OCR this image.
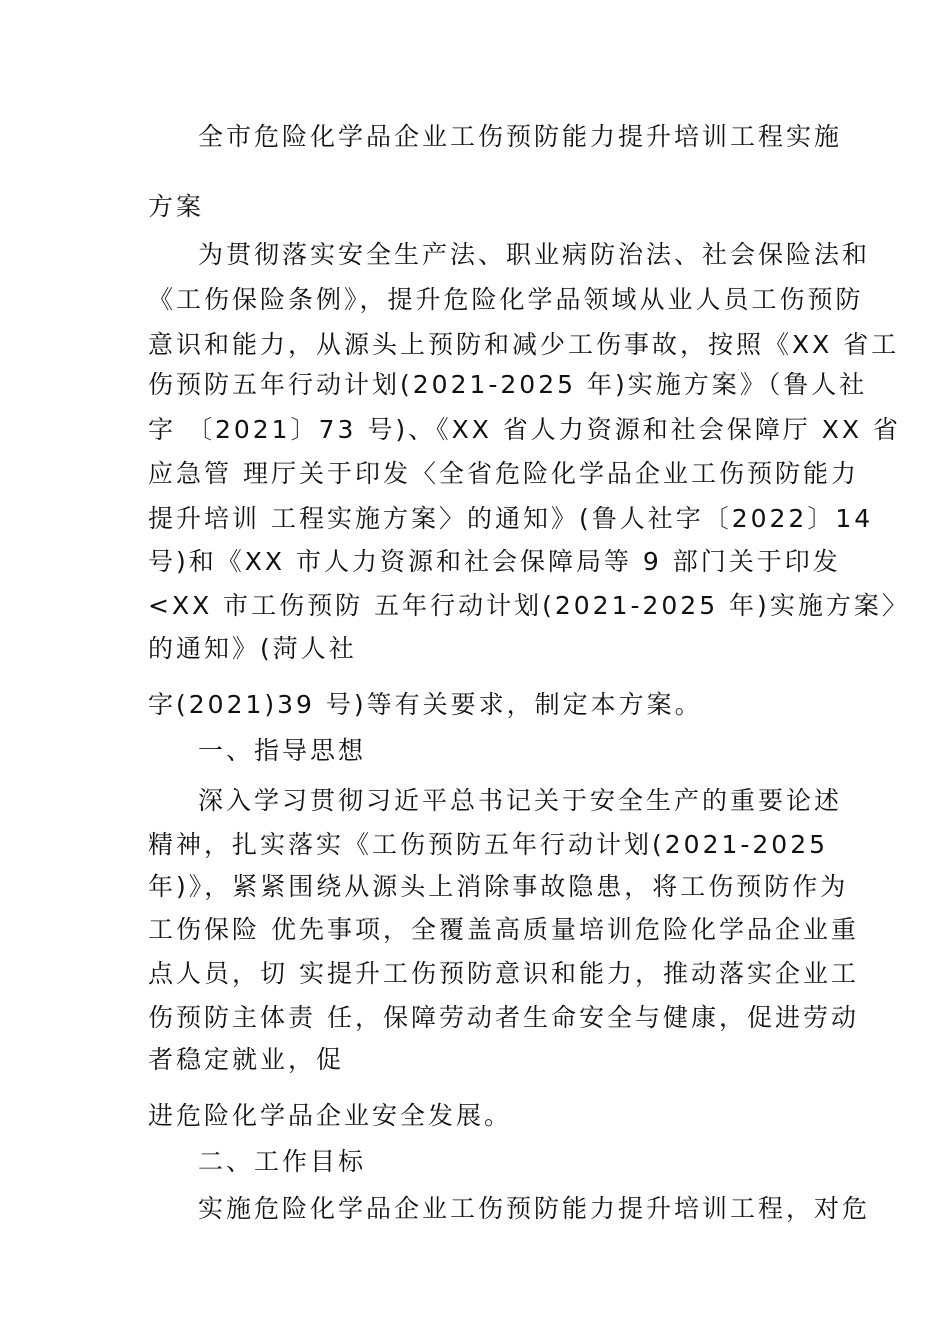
全市危险化学品企业工伤预防能力提升培训工程实施
方案
为贯彻落实安全生产法、职业病防治法、社会保险法和
《工伤保险条例》，提升危险化学品领域从业人员工伤预防
意识和能力，从源头上预防和减少工伤事故，按照《XX 省工
伤预防五年行动计划(2021-2025 年)实施方案》（鲁人社
字 〔2021〕73 号)、《XX 省人力资源和社会保障厅 XX 省
应急管 理厅关于印发〈全省危险化学品企业工伤预防能力
提升培训 工程实施方案〉的通知》(鲁人社字〔2022〕14
号)和《XX 市人力资源和社会保障局等 9 部门关于印发
<XX 市工伤预防 五年行动计划(2021-2025 年)实施方案〉
的通知》(菏人社
字(2021)39 号)等有关要求，制定本方案。
一、指导思想
深入学习贯彻习近平总书记关于安全生产的重要论述
精神，扎实落实《工伤预防五年行动计划(2021-2025
年)》，紧紧围绕从源头上消除事故隐患，将工伤预防作为
工伤保险 优先事项，全覆盖高质量培训危险化学品企业重
点人员，切 实提升工伤预防意识和能力，推动落实企业工
伤预防主体责 任，保障劳动者生命安全与健康，促进劳动
者稳定就业，促
进危险化学品企业安全发展。
二、工作目标
实施危险化学品企业工伤预防能力提升培训工程，对危
